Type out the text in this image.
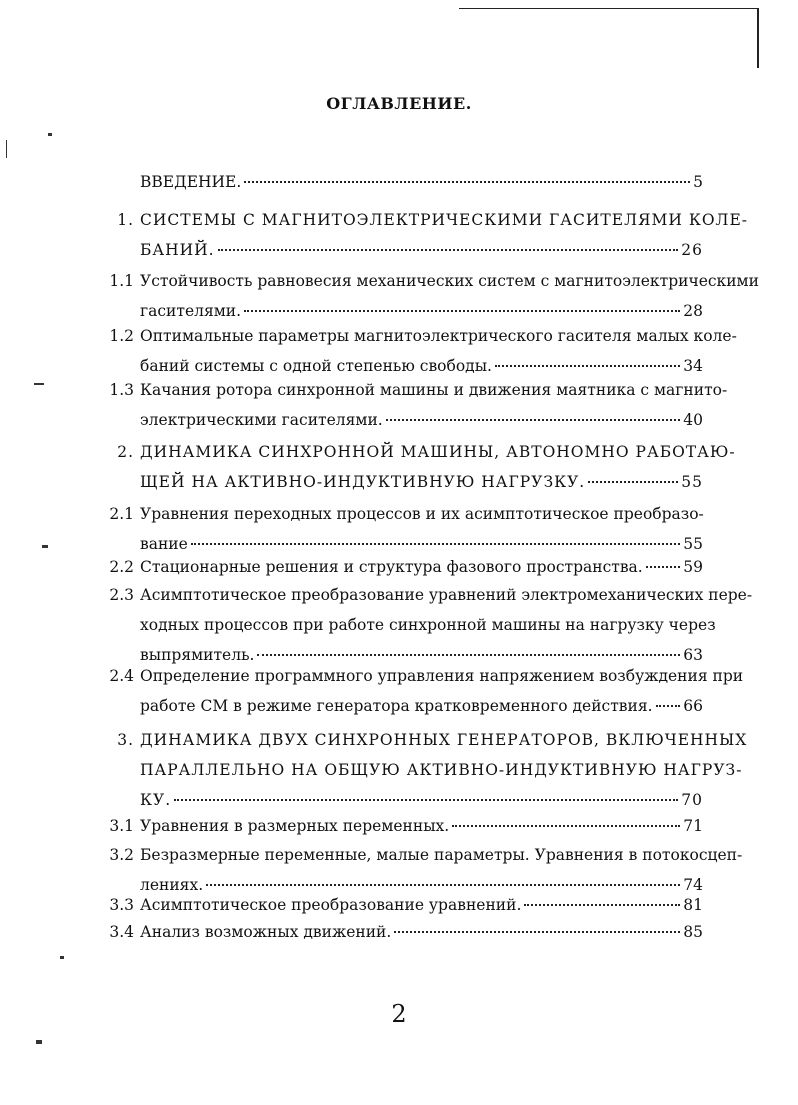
ОГЛАВЛЕНИЕ.
ВВЕДЕНИЕ.	5
1. СИСТЕМЫ С МАГНИТОЭЛЕКТРИЧЕСКИМИ ГАСИТЕЛЯМИ КОЛЕ-
БАНИЙ.	26
1.1 Устойчивость равновесия механических систем с магнитоэлектрическими
гасителями.	28
1.2 Оптимальные параметры магнитоэлектрического гасителя малых коле-
баний системы с одной степенью свободы.	34
1.3 Качания ротора синхронной машины и движения маятника с магнито-
электрическими гасителями.	40
2. ДИНАМИКА СИНХРОННОЙ МАШИНЫ, АВТОНОМНО РАБОТАЮ-
ЩЕЙ НА АКТИВНО-ИНДУКТИВНУЮ НАГРУЗКУ.	55
2.1 Уравнения переходных процессов и их асимптотическое преобразо-
вание	55
2.2 Стационарные решения и структура фазового пространства.	59
2.3 Асимптотическое преобразование уравнений электромеханических пере-
ходных процессов при работе синхронной машины на нагрузку через
выпрямитель.	63
2.4 Определение программного управления напряжением возбуждения при
работе СМ в режиме генератора кратковременного действия. 66
3. ДИНАМИКА ДВУХ СИНХРОННЫХ ГЕНЕРАТОРОВ, ВКЛЮЧЕННЫХ
ПАРАЛЛЕЛЬНО НА ОБЩУЮ АКТИВНО-ИНДУКТИВНУЮ НАГРУЗ-
КУ.	70
3.1 Уравнения в размерных переменных.	71
3.2 Безразмерные переменные, малые параметры. Уравнения в потокосцеп-
лениях.	74
3.3 Асимптотическое преобразование уравнений.	81
3.4 Анализ возможных движений.	85
2
